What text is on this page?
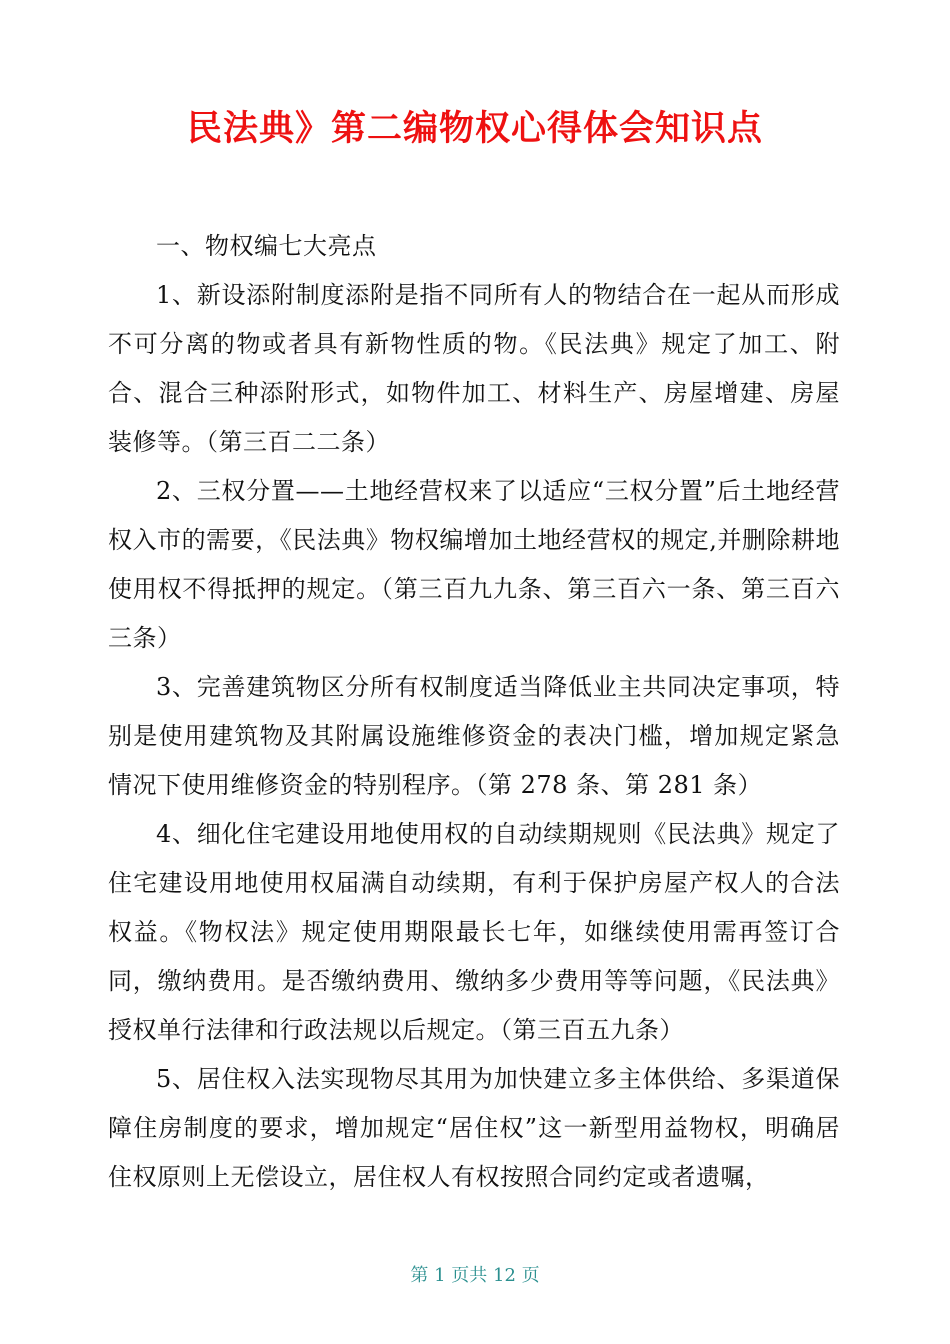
民法典》第二编物权心得体会知识点

一、物权编七大亮点

1、新设添附制度添附是指不同所有人的物结合在一起从而形成不可分离的物或者具有新物性质的物。《民法典》规定了加工、附合、混合三种添附形式，如物件加工、材料生产、房屋增建、房屋装修等。（第三百二二条）

2、三权分置——土地经营权来了以适应“三权分置”后土地经营权入市的需要，《民法典》物权编增加土地经营权的规定,并删除耕地使用权不得抵押的规定。（第三百九九条、第三百六一条、第三百六三条）

3、完善建筑物区分所有权制度适当降低业主共同决定事项，特别是使用建筑物及其附属设施维修资金的表决门槛，增加规定紧急情况下使用维修资金的特别程序。（第 278 条、第 281 条）

4、细化住宅建设用地使用权的自动续期规则《民法典》规定了住宅建设用地使用权届满自动续期，有利于保护房屋产权人的合法权益。《物权法》规定使用期限最长七年，如继续使用需再签订合同，缴纳费用。是否缴纳费用、缴纳多少费用等等问题，《民法典》授权单行法律和行政法规以后规定。（第三百五九条）

5、居住权入法实现物尽其用为加快建立多主体供给、多渠道保障住房制度的要求，增加规定“居住权”这一新型用益物权，明确居住权原则上无偿设立，居住权人有权按照合同约定或者遗嘱，

第 1 页共 12 页
